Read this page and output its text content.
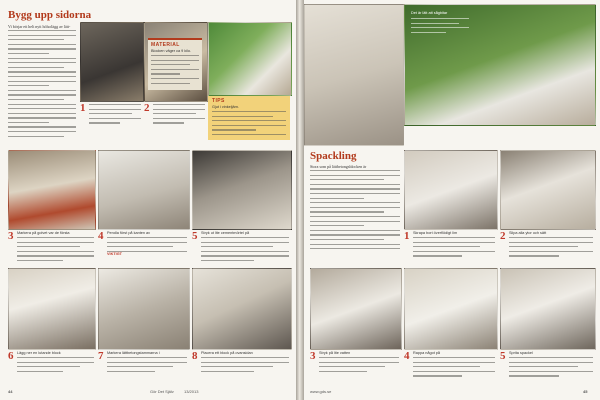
Bygg upp sidorna
Vi börjar ett helt nytt hölsolägg av lätt-
MATERIAL
Blocken väger ca 9 kilo.
TIPS
Gjut i vinkeljärn.
1	2
3 Markera på golvet var de första	4 Pendla först på kanten av
VIKTIGT
5 Stryk ut lite cementmörtel på
6 Lägg ner en lutande block	7 Markera lättbetongstammarna i	8 Placera ett block på ovansidan
44	Gör Det Själv	13/2013
Det är lätt att sågbitar
Spackling
Stora som på lättbetongsblocken är
1 Skrapa bort överflödigt lim	2 Slipa alla ytor och sätt
3 Stryk på lite vatten	4 Rappa något på	5 Sprita spackel
www.gds.se	45
